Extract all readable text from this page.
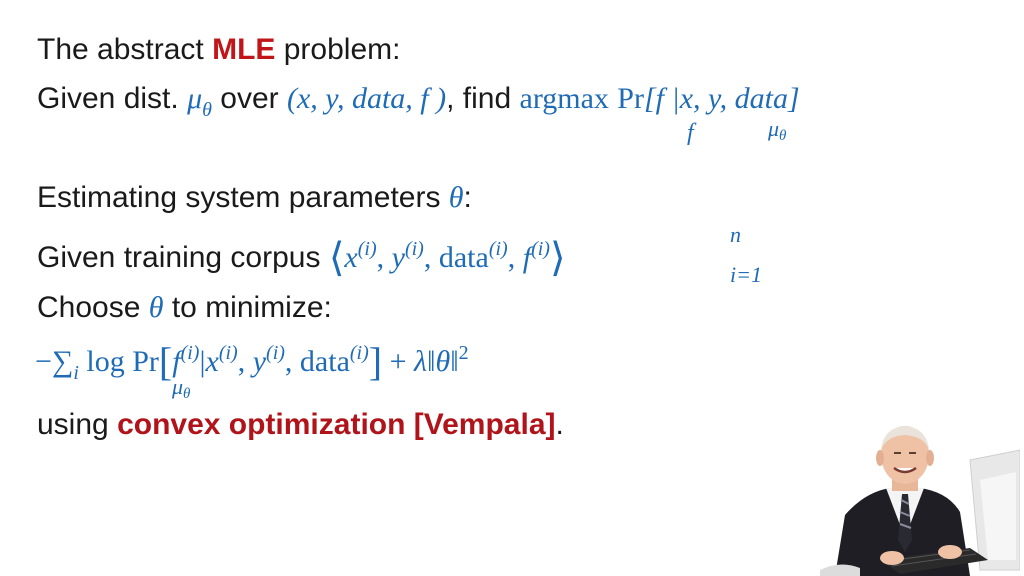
The abstract MLE problem:
Given dist. $\mu_\theta$ over (x, y, data, f ), find argmax Pr[f |x, y, data]
f	μθ
Estimating system parameters θ:
Given training corpus $⟨x^{(i)}$, $y^{(i)}$, data$^{(i)}$, $f^{(i)}⟩$
n
i=1
Choose θ to minimize:
$-\sum_i$ $\log Pr[f^{(i)}|x^{(i)}$, $y^{(i)}$, data$^{(i)}$] + λ‖θ‖$^2$
μθ
using convex optimization [Vempala].
